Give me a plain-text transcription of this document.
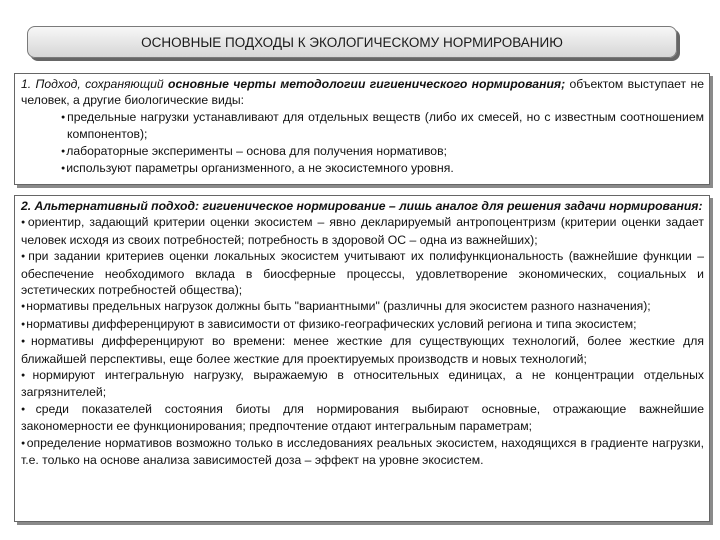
ОСНОВНЫЕ ПОДХОДЫ К ЭКОЛОГИЧЕСКОМУ НОРМИРОВАНИЮ

1. Подход, сохраняющий основные черты методологии гигиенического нормирования; объектом выступает не человек, а другие биологические виды:

● предельные нагрузки устанавливают для отдельных веществ (либо их смесей, но с известным соотношением компонентов);
● лабораторные эксперименты – основа для получения нормативов;
● используют параметры организменного, а не экосистемного уровня.

2. Альтернативный подход: гигиеническое нормирование – лишь аналог для решения задачи нормирования:

● ориентир, задающий критерии оценки экосистем – явно декларируемый антропоцентризм (критерии оценки задает человек исходя из своих потребностей; потребность в здоровой ОС – одна из важнейших);
● при задании критериев оценки локальных экосистем учитывают их полифункциональность (важнейшие функции – обеспечение необходимого вклада в биосферные процессы, удовлетворение экономических, социальных и эстетических потребностей общества);
● нормативы предельных нагрузок должны быть "вариантными" (различны для экосистем разного назначения);
● нормативы дифференцируют в зависимости от физико-географических условий региона и типа экосистем;
● нормативы дифференцируют во времени: менее жесткие для существующих технологий, более жесткие для ближайшей перспективы, еще более жесткие для проектируемых производств и новых технологий;
● нормируют интегральную нагрузку, выражаемую в относительных единицах, а не концентрации отдельных загрязнителей;
● среди показателей состояния биоты для нормирования выбирают основные, отражающие важнейшие закономерности ее функционирования; предпочтение отдают интегральным параметрам;
● определение нормативов возможно только в исследованиях реальных экосистем, находящихся в градиенте нагрузки, т.е. только на основе анализа зависимостей доза – эффект на уровне экосистем.
